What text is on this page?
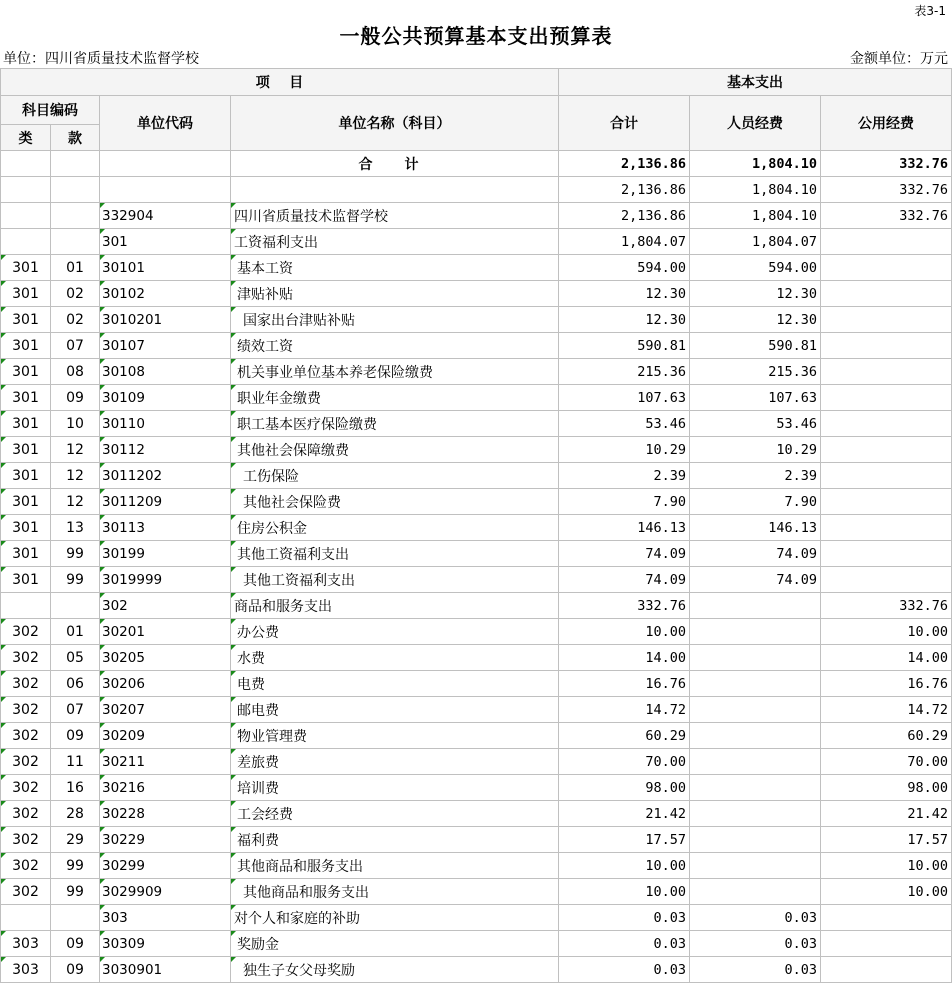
表3-1
一般公共预算基本支出预算表
单位：四川省质量技术监督学校	金额单位：万元
项    目				基本支出		
科目编码		单位代码	单位名称（科目）	合计	人员经费	公用经费
类	款					
			合计	2,136.86	1,804.10	332.76
				2,136.86	1,804.10	332.76
		332904	四川省质量技术监督学校	2,136.86	1,804.10	332.76
		301	工资福利支出	1,804.07	1,804.07	
301	01	30101	基本工资	594.00	594.00	
301	02	30102	津贴补贴	12.30	12.30	
301	02	3010201	国家出台津贴补贴	12.30	12.30	
301	07	30107	绩效工资	590.81	590.81	
301	08	30108	机关事业单位基本养老保险缴费	215.36	215.36	
301	09	30109	职业年金缴费	107.63	107.63	
301	10	30110	职工基本医疗保险缴费	53.46	53.46	
301	12	30112	其他社会保障缴费	10.29	10.29	
301	12	3011202	工伤保险	2.39	2.39	
301	12	3011209	其他社会保险费	7.90	7.90	
301	13	30113	住房公积金	146.13	146.13	
301	99	30199	其他工资福利支出	74.09	74.09	
301	99	3019999	其他工资福利支出	74.09	74.09	
		302	商品和服务支出	332.76		332.76
302	01	30201	办公费	10.00		10.00
302	05	30205	水费	14.00		14.00
302	06	30206	电费	16.76		16.76
302	07	30207	邮电费	14.72		14.72
302	09	30209	物业管理费	60.29		60.29
302	11	30211	差旅费	70.00		70.00
302	16	30216	培训费	98.00		98.00
302	28	30228	工会经费	21.42		21.42
302	29	30229	福利费	17.57		17.57
302	99	30299	其他商品和服务支出	10.00		10.00
302	99	3029909	其他商品和服务支出	10.00		10.00
		303	对个人和家庭的补助	0.03	0.03	
303	09	30309	奖励金	0.03	0.03	
303	09	3030901	独生子女父母奖励	0.03	0.03	
